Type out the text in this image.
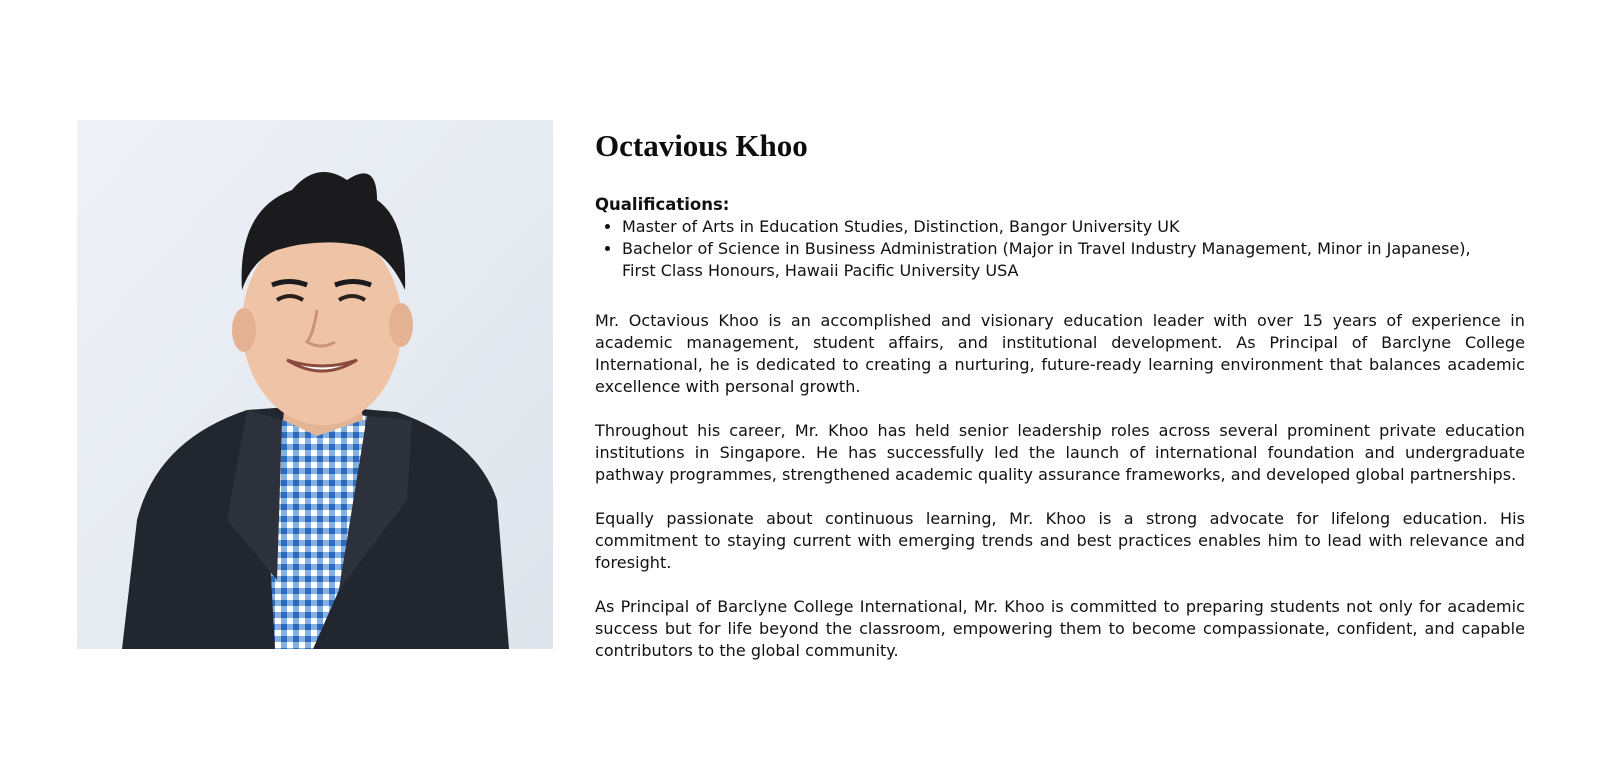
Octavious Khoo
Qualifications:
• Master of Arts in Education Studies, Distinction, Bangor University UK
• Bachelor of Science in Business Administration (Major in Travel Industry Management, Minor in Japanese), First Class Honours, Hawaii Pacific University USA

Mr. Octavious Khoo is an accomplished and visionary education leader with over 15 years of experience in academic management, student affairs, and institutional development. As Principal of Barclyne College International, he is dedicated to creating a nurturing, future-ready learning environment that balances academic excellence with personal growth.

Throughout his career, Mr. Khoo has held senior leadership roles across several prominent private education institutions in Singapore. He has successfully led the launch of international foundation and undergraduate pathway programmes, strengthened academic quality assurance frameworks, and developed global partnerships.

Equally passionate about continuous learning, Mr. Khoo is a strong advocate for lifelong education. His commitment to staying current with emerging trends and best practices enables him to lead with relevance and foresight.

As Principal of Barclyne College International, Mr. Khoo is committed to preparing students not only for academic success but for life beyond the classroom, empowering them to become compassionate, confident, and capable contributors to the global community.
